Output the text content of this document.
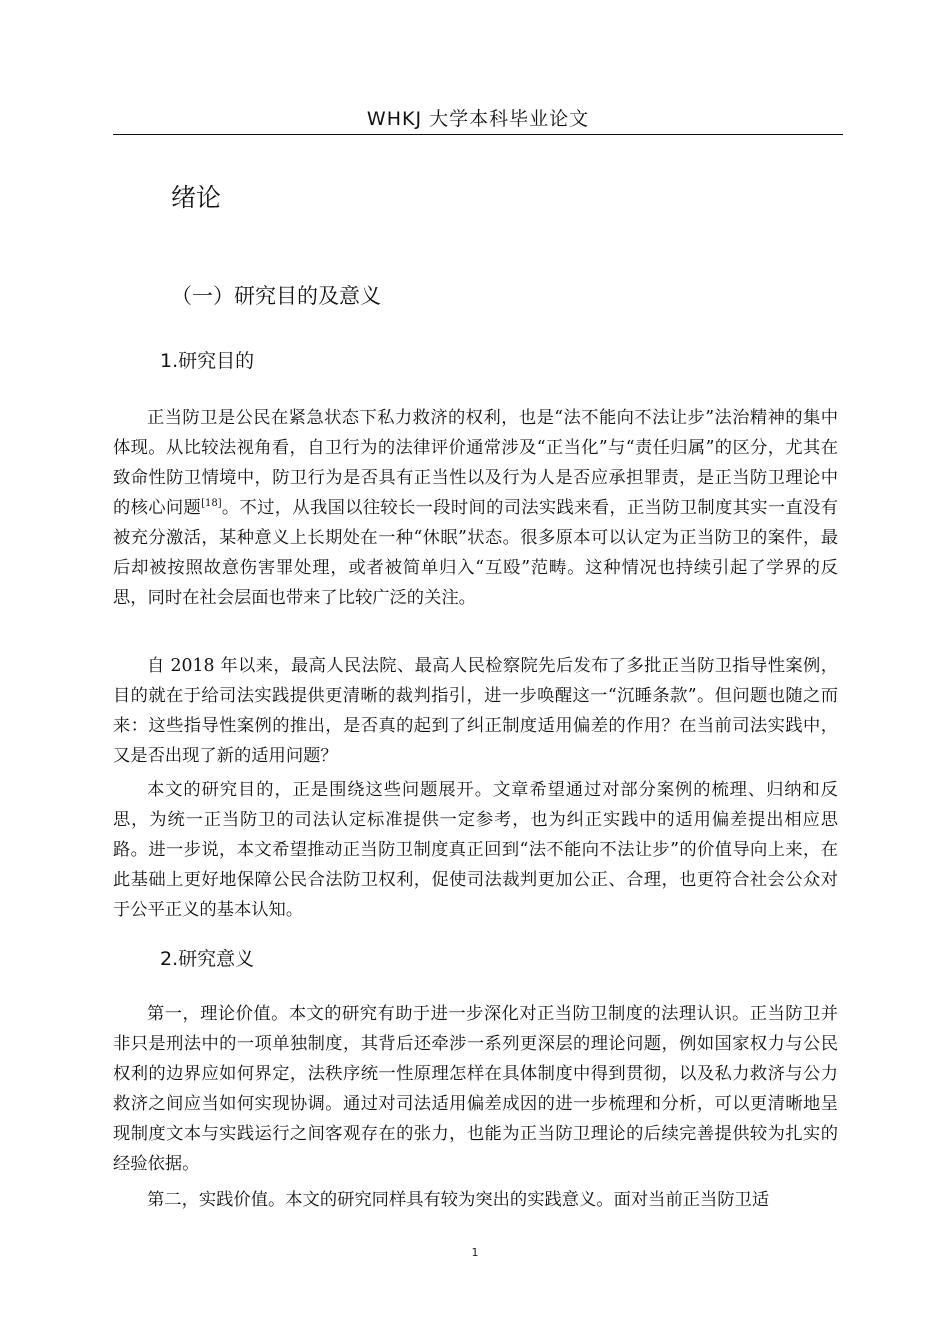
WHKJ 大学本科毕业论文
绪论
（一）研究目的及意义
1.研究目的

正当防卫是公民在紧急状态下私力救济的权利，也是“法不能向不法让步”法治精神的集中体现。从比较法视角看，自卫行为的法律评价通常涉及“正当化”与“责任归属”的区分，尤其在致命性防卫情境中，防卫行为是否具有正当性以及行为人是否应承担罪责，是正当防卫理论中的核心问题[18]。不过，从我国以往较长一段时间的司法实践来看，正当防卫制度其实一直没有被充分激活，某种意义上长期处在一种“休眠”状态。很多原本可以认定为正当防卫的案件，最后却被按照故意伤害罪处理，或者被简单归入“互殴”范畴。这种情况也持续引起了学界的反思，同时在社会层面也带来了比较广泛的关注。

自 2018 年以来，最高人民法院、最高人民检察院先后发布了多批正当防卫指导性案例，目的就在于给司法实践提供更清晰的裁判指引，进一步唤醒这一“沉睡条款”。但问题也随之而来：这些指导性案例的推出，是否真的起到了纠正制度适用偏差的作用？在当前司法实践中，又是否出现了新的适用问题？

本文的研究目的，正是围绕这些问题展开。文章希望通过对部分案例的梳理、归纳和反思，为统一正当防卫的司法认定标准提供一定参考，也为纠正实践中的适用偏差提出相应思路。进一步说，本文希望推动正当防卫制度真正回到“法不能向不法让步”的价值导向上来，在此基础上更好地保障公民合法防卫权利，促使司法裁判更加公正、合理，也更符合社会公众对于公平正义的基本认知。

2.研究意义

第一，理论价值。本文的研究有助于进一步深化对正当防卫制度的法理认识。正当防卫并非只是刑法中的一项单独制度，其背后还牵涉一系列更深层的理论问题，例如国家权力与公民权利的边界应如何界定，法秩序统一性原理怎样在具体制度中得到贯彻，以及私力救济与公力救济之间应当如何实现协调。通过对司法适用偏差成因的进一步梳理和分析，可以更清晰地呈现制度文本与实践运行之间客观存在的张力，也能为正当防卫理论的后续完善提供较为扎实的经验依据。

第二，实践价值。本文的研究同样具有较为突出的实践意义。面对当前正当防卫适

1
